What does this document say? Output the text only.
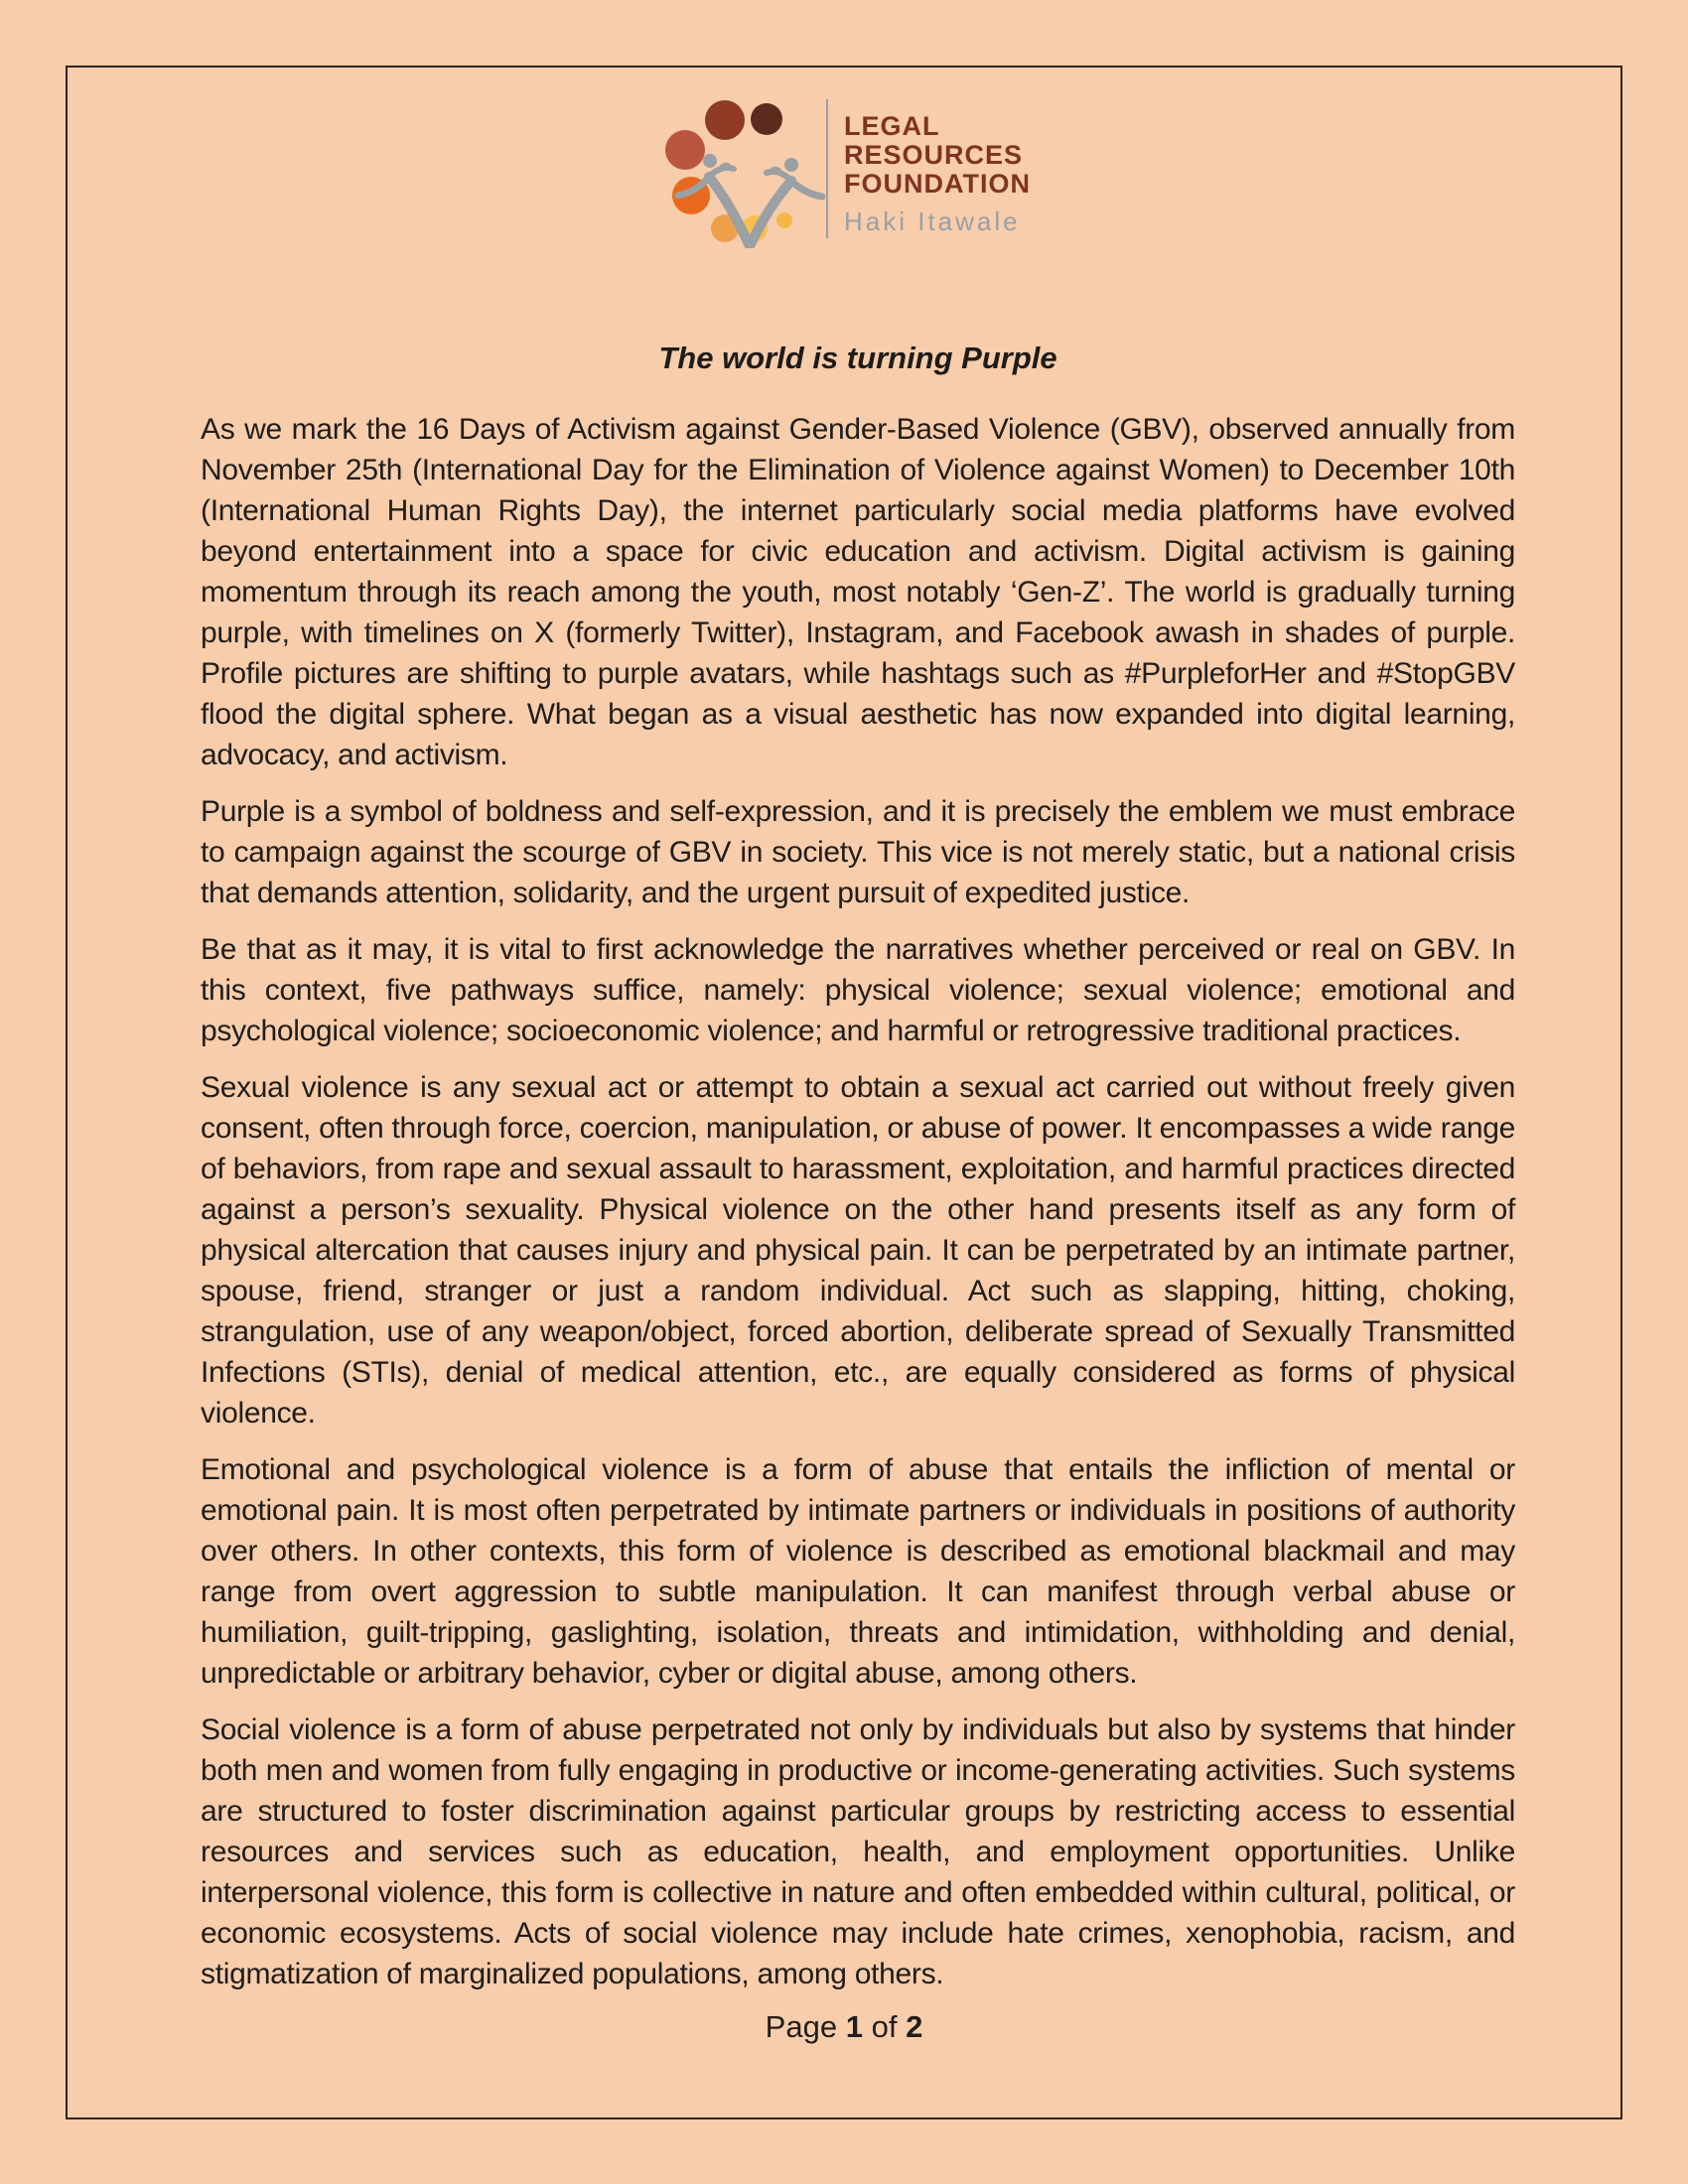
LEGAL
RESOURCES
FOUNDATION
Haki Itawale
The world is turning Purple

As we mark the 16 Days of Activism against Gender-Based Violence (GBV), observed annually from November 25th (International Day for the Elimination of Violence against Women) to December 10th (International Human Rights Day), the internet particularly social media platforms have evolved beyond entertainment into a space for civic education and activism. Digital activism is gaining momentum through its reach among the youth, most notably ‘Gen-Z’. The world is gradually turning purple, with timelines on X (formerly Twitter), Instagram, and Facebook awash in shades of purple. Profile pictures are shifting to purple avatars, while hashtags such as #PurpleforHer and #StopGBV flood the digital sphere. What began as a visual aesthetic has now expanded into digital learning, advocacy, and activism.

Purple is a symbol of boldness and self-expression, and it is precisely the emblem we must embrace to campaign against the scourge of GBV in society. This vice is not merely static, but a national crisis that demands attention, solidarity, and the urgent pursuit of expedited justice.

Be that as it may, it is vital to first acknowledge the narratives whether perceived or real on GBV. In this context, five pathways suffice, namely: physical violence; sexual violence; emotional and psychological violence; socioeconomic violence; and harmful or retrogressive traditional practices.

Sexual violence is any sexual act or attempt to obtain a sexual act carried out without freely given consent, often through force, coercion, manipulation, or abuse of power. It encompasses a wide range of behaviors, from rape and sexual assault to harassment, exploitation, and harmful practices directed against a person’s sexuality. Physical violence on the other hand presents itself as any form of physical altercation that causes injury and physical pain. It can be perpetrated by an intimate partner, spouse, friend, stranger or just a random individual. Act such as slapping, hitting, choking, strangulation, use of any weapon/object, forced abortion, deliberate spread of Sexually Transmitted Infections (STIs), denial of medical attention, etc., are equally considered as forms of physical violence.

Emotional and psychological violence is a form of abuse that entails the infliction of mental or emotional pain. It is most often perpetrated by intimate partners or individuals in positions of authority over others. In other contexts, this form of violence is described as emotional blackmail and may range from overt aggression to subtle manipulation. It can manifest through verbal abuse or humiliation, guilt-tripping, gaslighting, isolation, threats and intimidation, withholding and denial, unpredictable or arbitrary behavior, cyber or digital abuse, among others.

Social violence is a form of abuse perpetrated not only by individuals but also by systems that hinder both men and women from fully engaging in productive or income-generating activities. Such systems are structured to foster discrimination against particular groups by restricting access to essential resources and services such as education, health, and employment opportunities. Unlike interpersonal violence, this form is collective in nature and often embedded within cultural, political, or economic ecosystems. Acts of social violence may include hate crimes, xenophobia, racism, and stigmatization of marginalized populations, among others.

Page 1 of 2
